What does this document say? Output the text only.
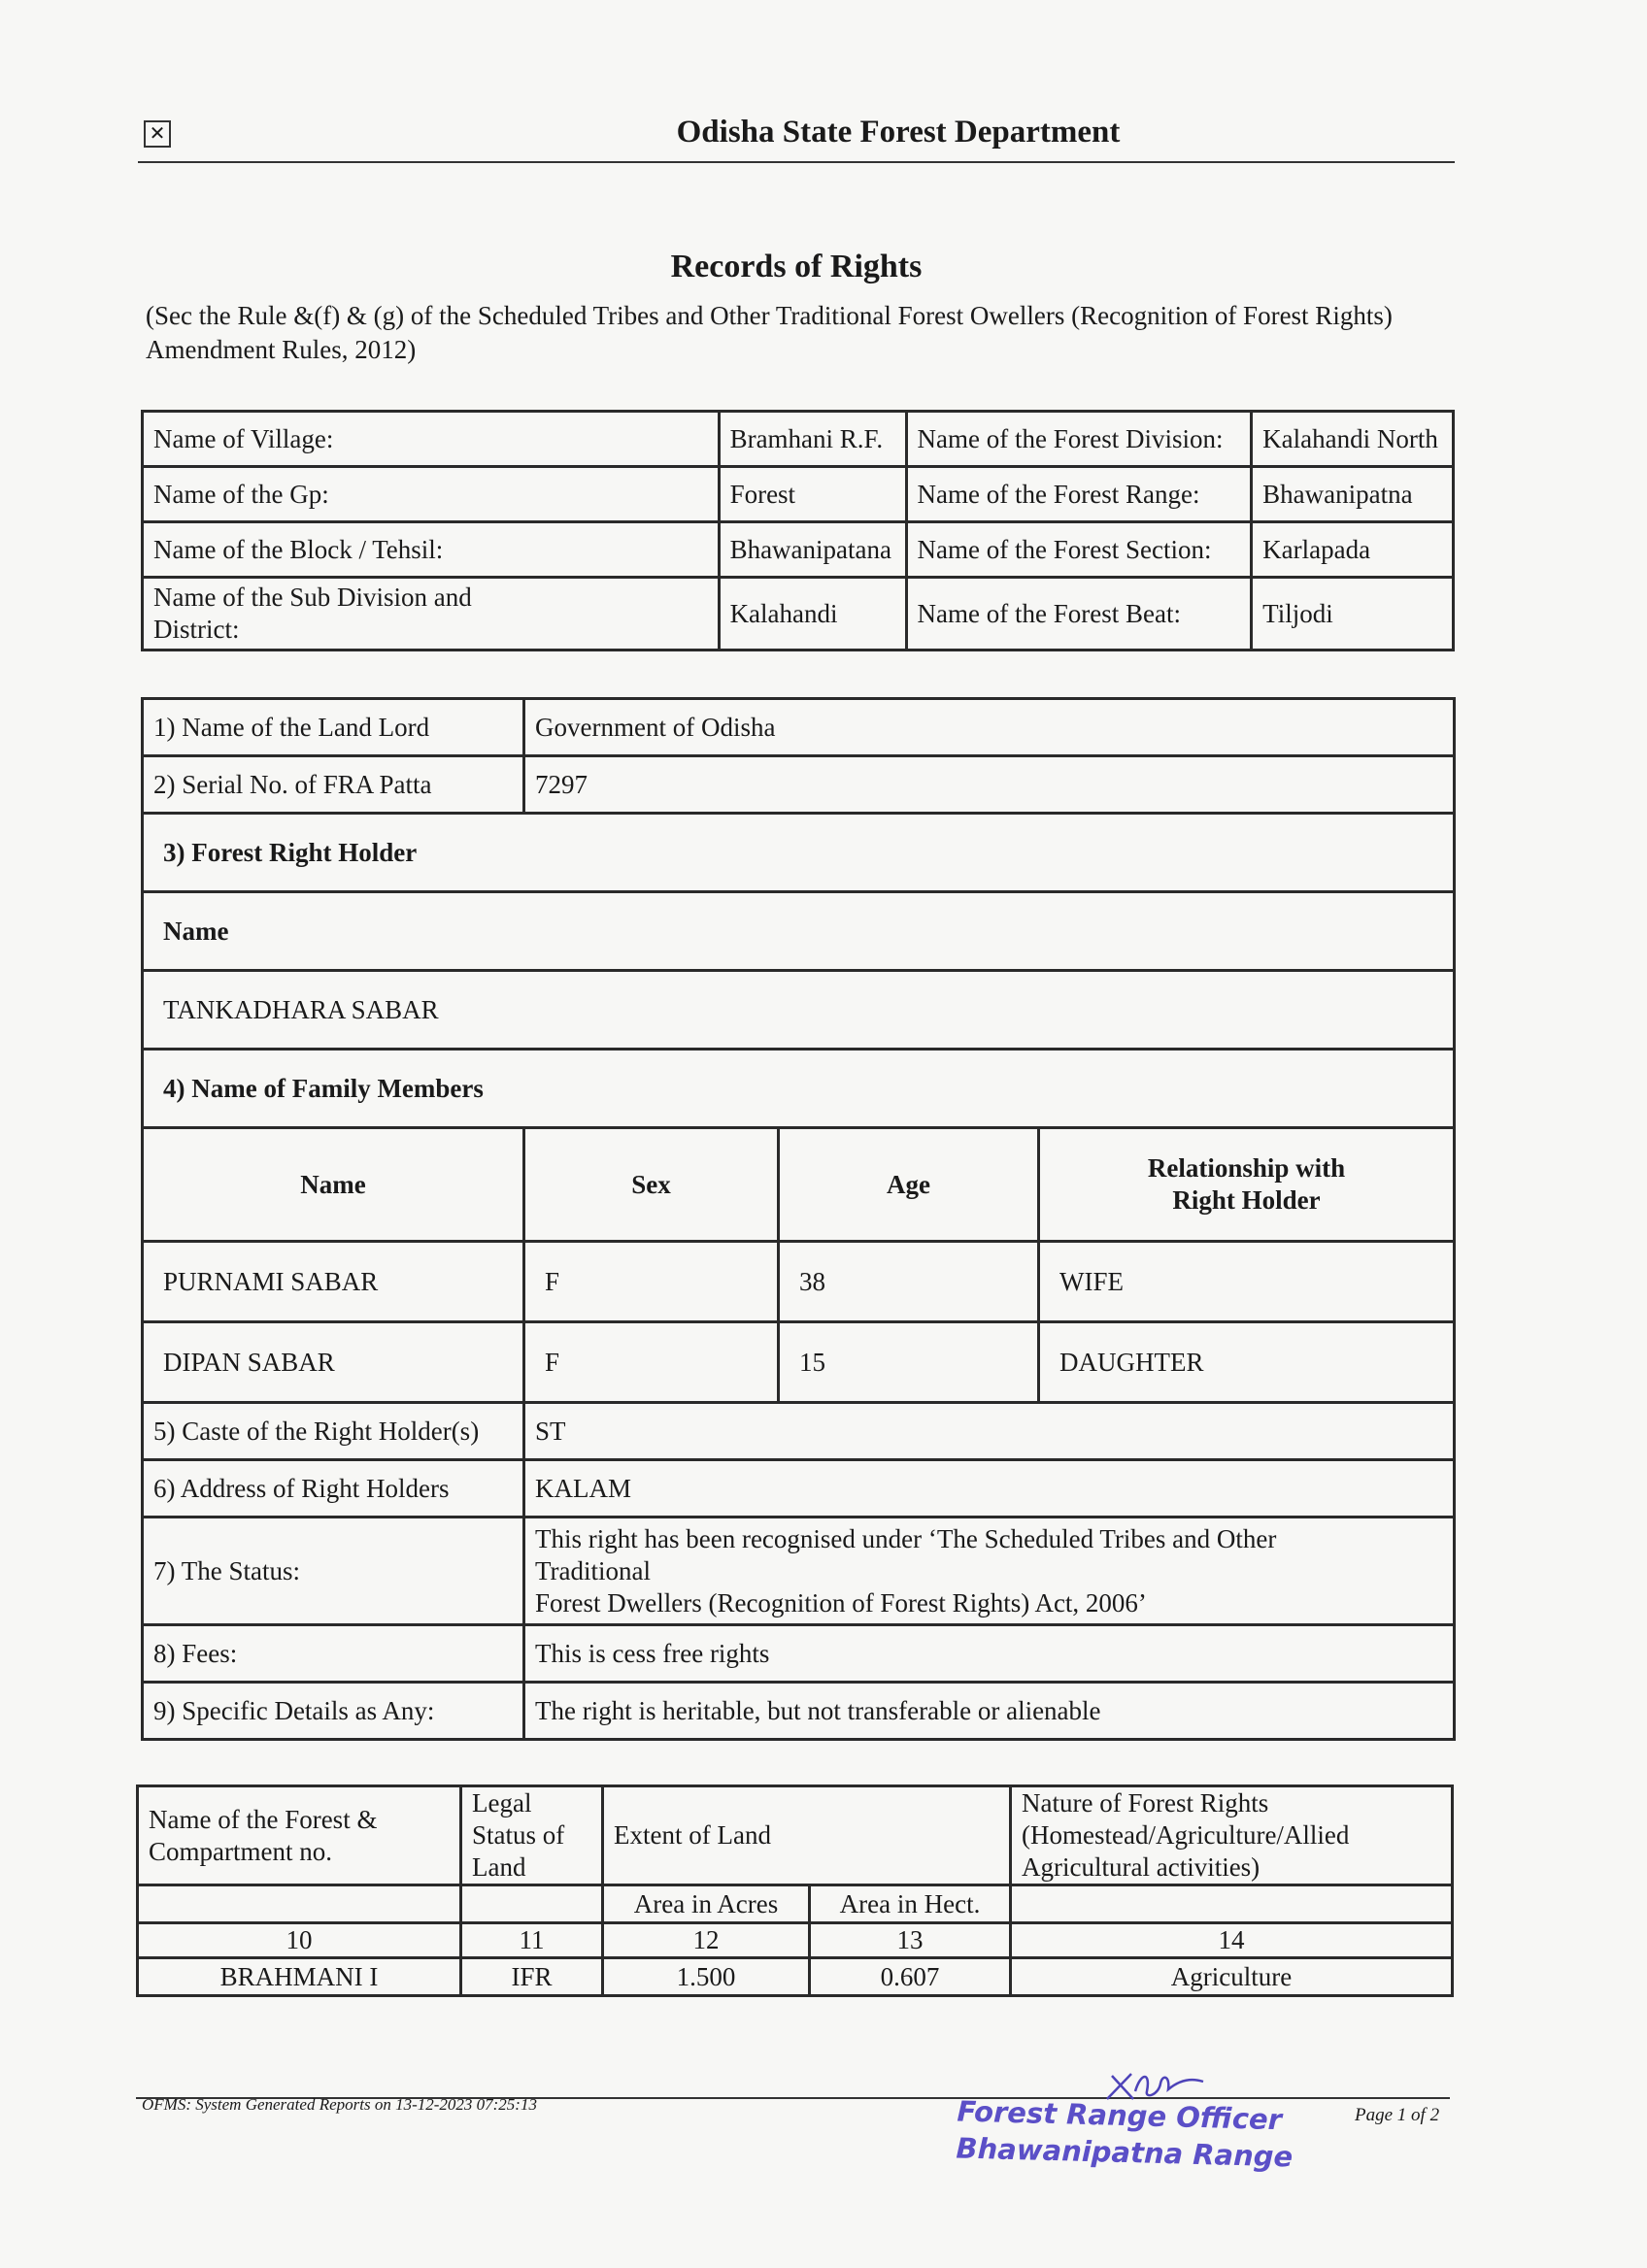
✕	Odisha State Forest Department
Records of Rights
(Sec the Rule &(f) & (g) of the Scheduled Tribes and Other Traditional Forest Owellers (Recognition of Forest Rights) Amendment Rules, 2012)
Name of Village:	Bramhani R.F.	Name of the Forest Division:	Kalahandi North
Name of the Gp:	Forest	Name of the Forest Range:	Bhawanipatna
Name of the Block / Tehsil:	Bhawanipatana	Name of the Forest Section:	Karlapada
Name of the Sub Division and District:	Kalahandi	Name of the Forest Beat:	Tiljodi
1) Name of the Land Lord	Government of Odisha		
2) Serial No. of FRA Patta	7297		
3) Forest Right Holder			
Name			
TANKADHARA SABAR			
4) Name of Family Members			
Name	Sex	Age	Relationship with Right Holder
PURNAMI SABAR	F	38	WIFE
DIPAN SABAR	F	15	DAUGHTER
5) Caste of the Right Holder(s)	ST		
6) Address of Right Holders	KALAM		
7) The Status:	This right has been recognised under ‘The Scheduled Tribes and Other Traditional
Forest Dwellers (Recognition of Forest Rights) Act, 2006’		

8) Fees:	This is cess free rights		
9) Specific Details as Any:	The right is heritable, but not transferable or alienable		
Name of the Forest & Compartment no.	Legal Status of Land	Extent of Land		Nature of Forest Rights (Homestead/Agriculture/Allied Agricultural activities)
		Area in Acres	Area in Hect.	
10	11	12	13	14
BRAHMANI I	IFR	1.500	0.607	Agriculture
OFMS: System Generated Reports on 13-12-2023 07:25:13	Forest Range Officer
Bhawanipatna Range
Page 1 of 2
